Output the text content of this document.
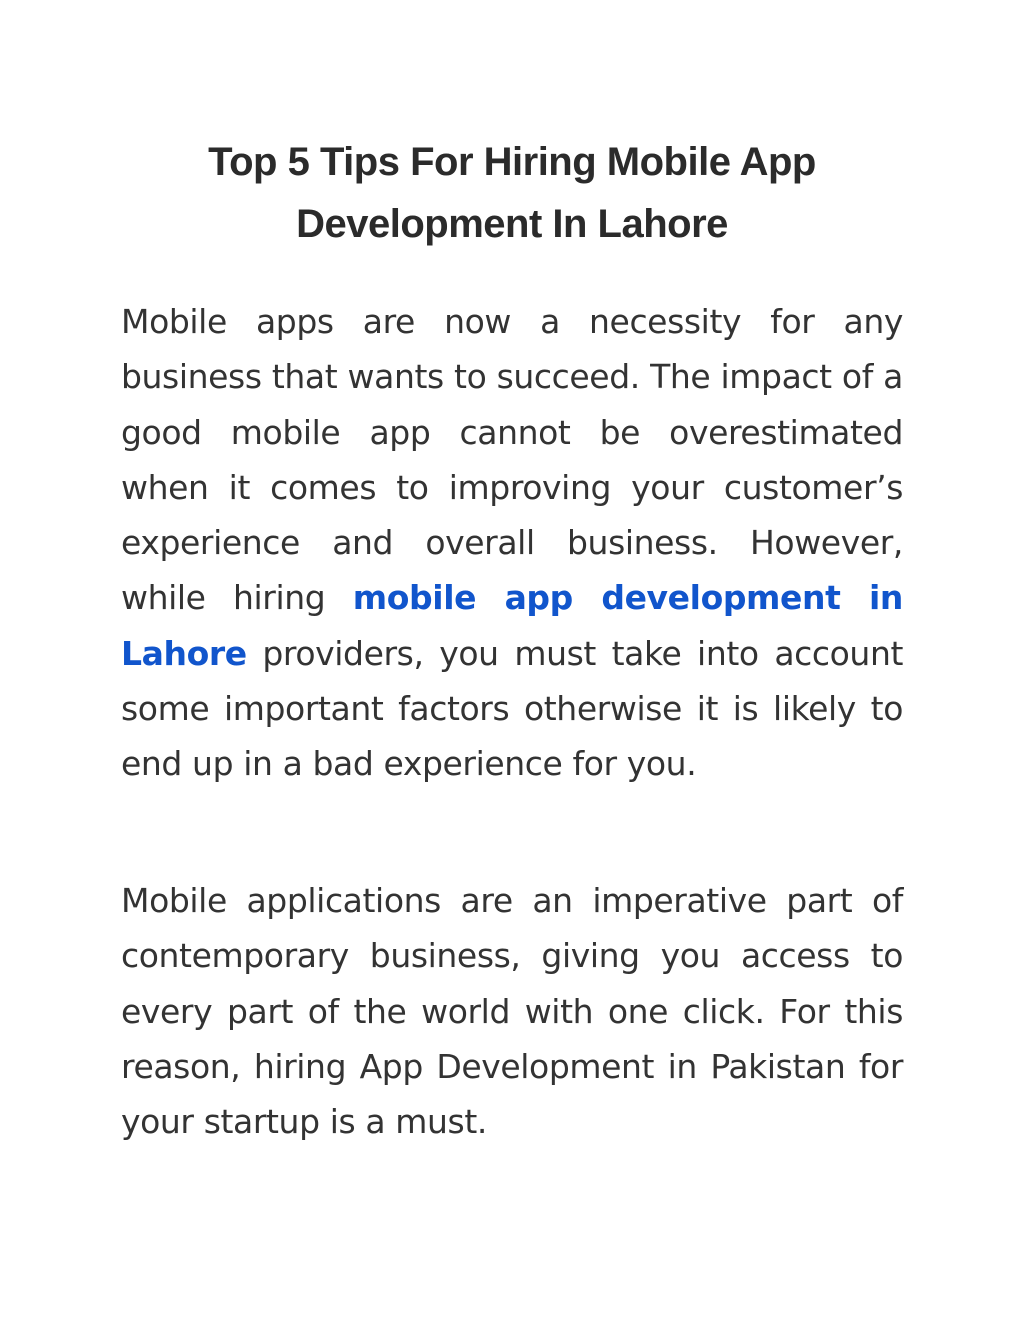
Top 5 Tips For Hiring Mobile App Development In Lahore

Mobile apps are now a necessity for any business that wants to succeed. The impact of a good mobile app cannot be overestimated when it comes to improving your customer’s experience and overall business. However, while hiring mobile app development in Lahore providers, you must take into account some important factors otherwise it is likely to end up in a bad experience for you.

Mobile applications are an imperative part of contemporary business, giving you access to every part of the world with one click. For this reason, hiring App Development in Pakistan for your startup is a must.
